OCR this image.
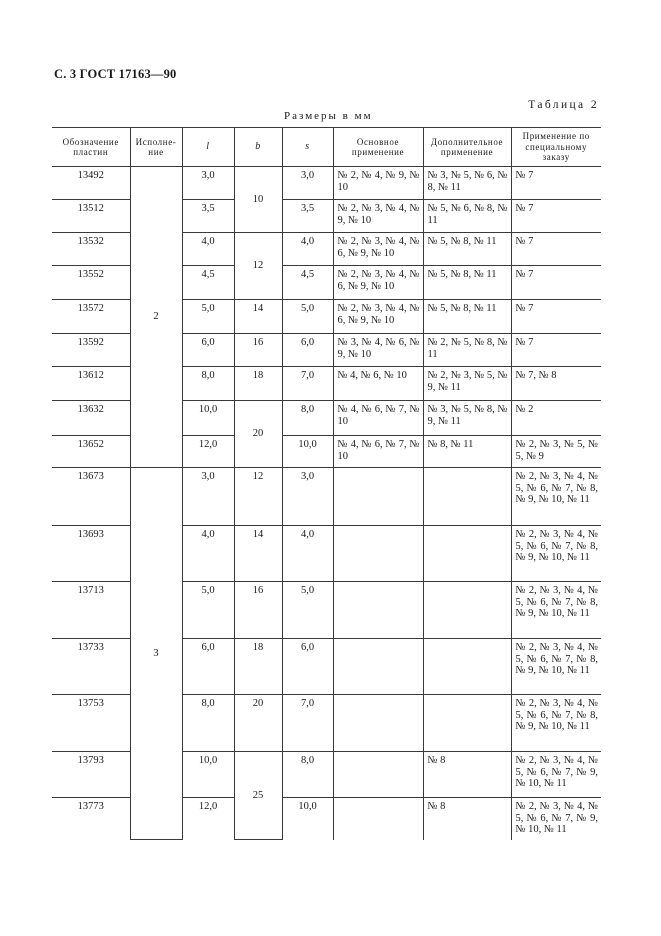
С. 3 ГОСТ 17163—90
Таблица 2
Размеры в мм
Обозначение пластин	Исполне-ние	l	b	s	Основное применение	Дополнительное применение	Применение по специальному заказу
13492	2	3,0	10	3,0	№ 2, № 4, № 9, № 10	№ 3, № 5, № 6, № 8, № 11	№ 7
13512		3,5		3,5	№ 2, № 3, № 4, № 9, № 10	№ 5, № 6, № 8, № 11	№ 7
13532		4,0	12	4,0	№ 2, № 3, № 4, № 6, № 9, № 10	№ 5, № 8, № 11	№ 7
13552		4,5		4,5	№ 2, № 3, № 4, № 6, № 9, № 10	№ 5, № 8, № 11	№ 7
13572		5,0	14	5,0	№ 2, № 3, № 4, № 6, № 9, № 10	№ 5, № 8, № 11	№ 7
13592		6,0	16	6,0	№ 3, № 4, № 6, № 9, № 10	№ 2, № 5, № 8, № 11	№ 7
13612		8,0	18	7,0	№ 4, № 6, № 10	№ 2, № 3, № 5, № 9, № 11	№ 7, № 8
13632		10,0	20	8,0	№ 4, № 6, № 7, № 10	№ 3, № 5, № 8, № 9, № 11	№ 2
13652		12,0		10,0	№ 4, № 6, № 7, № 10	№ 8, № 11	№ 2, № 3, № 5, № 5, № 9
13673	3	3,0	12	3,0			№ 2, № 3, № 4, № 5, № 6, № 7, № 8, № 9, № 10, № 11
13693		4,0	14	4,0			№ 2, № 3, № 4, № 5, № 6, № 7, № 8, № 9, № 10, № 11
13713		5,0	16	5,0			№ 2, № 3, № 4, № 5, № 6, № 7, № 8, № 9, № 10, № 11
13733		6,0	18	6,0			№ 2, № 3, № 4, № 5, № 6, № 7, № 8, № 9, № 10, № 11
13753		8,0	20	7,0			№ 2, № 3, № 4, № 5, № 6, № 7, № 8, № 9, № 10, № 11
13793		10,0	25	8,0		№ 8	№ 2, № 3, № 4, № 5, № 6, № 7, № 9, № 10, № 11
13773		12,0		10,0		№ 8	№ 2, № 3, № 4, № 5, № 6, № 7, № 9, № 10, № 11
